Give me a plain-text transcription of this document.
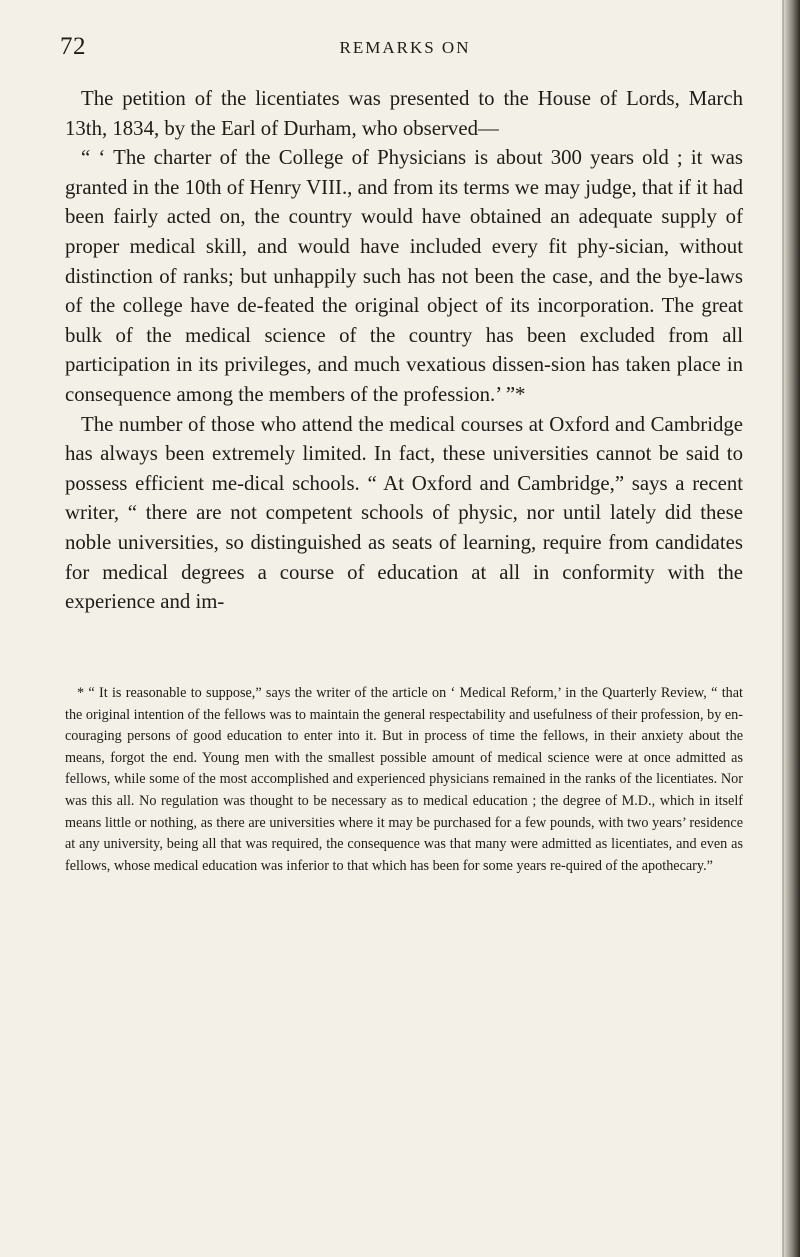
72	REMARKS ON

The petition of the licentiates was presented to the House of Lords, March 13th, 1834, by the Earl of Durham, who observed—

“ ‘ The charter of the College of Physicians is about 300 years old ; it was granted in the 10th of Henry VIII., and from its terms we may judge, that if it had been fairly acted on, the country would have obtained an adequate supply of proper medical skill, and would have included every fit phy-sician, without distinction of ranks; but unhappily such has not been the case, and the bye-laws of the college have de-feated the original object of its incorporation. The great bulk of the medical science of the country has been excluded from all participation in its privileges, and much vexatious dissen-sion has taken place in consequence among the members of the profession.’ ”*

The number of those who attend the medical courses at Oxford and Cambridge has always been extremely limited. In fact, these universities cannot be said to possess efficient me-dical schools. “ At Oxford and Cambridge,” says a recent writer, “ there are not competent schools of physic, nor until lately did these noble universities, so distinguished as seats of learning, require from candidates for medical degrees a course of education at all in conformity with the experience and im-

* “ It is reasonable to suppose,” says the writer of the article on ‘ Medical Reform,’ in the Quarterly Review, “ that the original intention of the fellows was to maintain the general respectability and usefulness of their profession, by en-couraging persons of good education to enter into it. But in process of time the fellows, in their anxiety about the means, forgot the end. Young men with the smallest possible amount of medical science were at once admitted as fellows, while some of the most accomplished and experienced physicians remained in the ranks of the licentiates. Nor was this all. No regulation was thought to be necessary as to medical education ; the degree of M.D., which in itself means little or nothing, as there are universities where it may be purchased for a few pounds, with two years’ residence at any university, being all that was required, the consequence was that many were admitted as licentiates, and even as fellows, whose medical education was inferior to that which has been for some years re-quired of the apothecary.”
